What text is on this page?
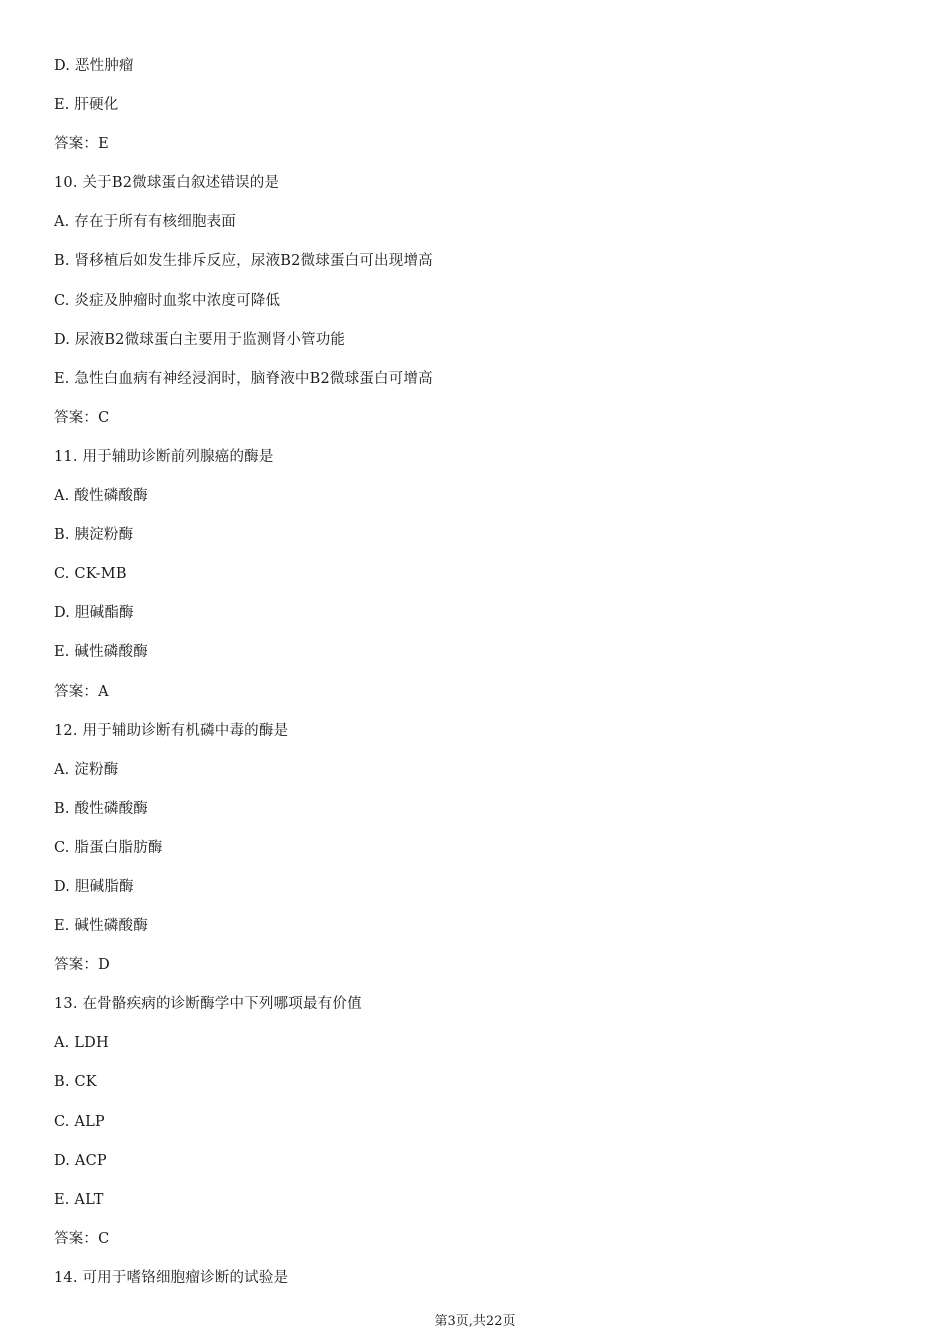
D. 恶性肿瘤
E. 肝硬化
答案：E
10. 关于B2微球蛋白叙述错误的是
A. 存在于所有有核细胞表面
B. 肾移植后如发生排斥反应，尿液B2微球蛋白可出现增高
C. 炎症及肿瘤时血浆中浓度可降低
D. 尿液B2微球蛋白主要用于监测肾小管功能
E. 急性白血病有神经浸润时，脑脊液中B2微球蛋白可增高
答案：C
11. 用于辅助诊断前列腺癌的酶是
A. 酸性磷酸酶
B. 胰淀粉酶
C. CK-MB
D. 胆碱酯酶
E. 碱性磷酸酶
答案：A
12. 用于辅助诊断有机磷中毒的酶是
A. 淀粉酶
B. 酸性磷酸酶
C. 脂蛋白脂肪酶
D. 胆碱脂酶
E. 碱性磷酸酶
答案：D
13. 在骨骼疾病的诊断酶学中下列哪项最有价值
A. LDH
B. CK
C. ALP
D. ACP
E. ALT
答案：C
14. 可用于嗜铬细胞瘤诊断的试验是
第3页,共22页
